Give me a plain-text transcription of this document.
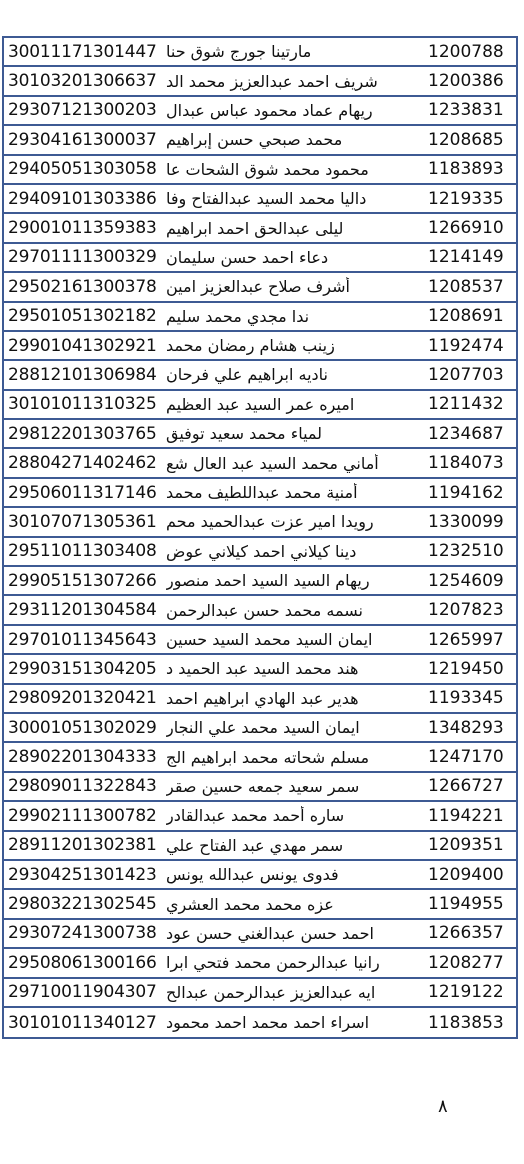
30011171301447 مارتينا جورج شوق حنا	1200788
30103201306637 شريف احمد عبدالعزيز محمد الد	1200386
29307121300203 ريهام عماد محمود عباس عبدال	1233831
29304161300037 محمد صبحي حسن إبراهيم	1208685
29405051303058 محمود محمد شوق الشحات عا	1183893
29409101303386 داليا محمد السيد عبدالفتاح وفا	1219335
29001011359383 ليلى عبدالحق احمد ابراهيم	1266910
29701111300329 دعاء احمد حسن سليمان	1214149
29502161300378 أشرف صلاح عبدالعزيز امين	1208537
29501051302182 ندا مجدي محمد سليم	1208691
29901041302921 زينب هشام رمضان محمد	1192474
28812101306984 ناديه ابراهيم علي فرحان	1207703
30101011310325 اميره عمر السيد عبد العظيم	1211432
29812201303765 لمياء محمد سعيد توفيق	1234687
28804271402462 أماني محمد السيد عبد العال شع	1184073
29506011317146 أمنية محمد عبداللطيف محمد	1194162
30107071305361 رويدا امير عزت عبدالحميد محم	1330099
29511011303408 دينا كيلاني احمد كيلاني عوض	1232510
29905151307266 ريهام السيد السيد احمد منصور	1254609
29311201304584 نسمه محمد حسن عبدالرحمن	1207823
29701011345643 ايمان السيد محمد السيد حسين	1265997
29903151304205 هند محمد السيد عبد الحميد د	1219450
29809201320421 هدير عبد الهادي ابراهيم احمد	1193345
30001051302029 ايمان السيد محمد علي النجار	1348293
28902201304333 مسلم شحاته محمد ابراهيم الج	1247170
29809011322843 سمر سعيد جمعه حسين صقر	1266727
29902111300782 ساره أحمد محمد عبدالقادر	1194221
28911201302381 سمر مهدي عبد الفتاح علي	1209351
29304251301423 فدوى يونس عبدالله يونس	1209400
29803221302545 عزه محمد محمد العشري	1194955
29307241300738 احمد حسن عبدالغني حسن عود	1266357
29508061300166 رانيا عبدالرحمن محمد فتحي ابرا	1208277
29710011904307 ايه عبدالعزيز عبدالرحمن عبدالح	1219122
30101011340127 اسراء احمد محمد احمد محمود	1183853
٨
